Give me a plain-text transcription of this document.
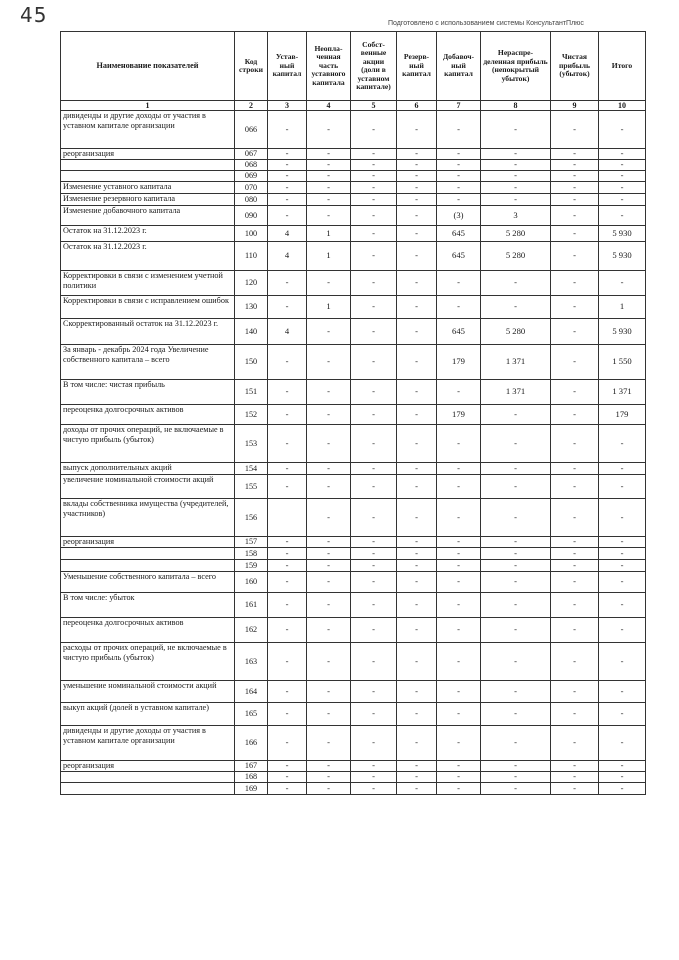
45	Подготовлено с использованием системы КонсультантПлюс
Наименование показателей	Код строки	Устав-ный капитал	Неопла-ченная часть уставного капитала	Собст-венные акции (доли в уставном капитале)	Резерв-ный капитал	Добавоч-ный капитал	Нераспре-деленная прибыль (непокрытый убыток)	Чистая прибыль (убыток)	Итого
1	2	3	4	5	6	7	8	9	10
дивиденды и другие доходы от участия в уставном капитале организации	066	-	-	-	-	-	-	-	-
реорганизация	067	-	-	-	-	-	-	-	-
	068	-	-	-	-	-	-	-	-
	069	-	-	-	-	-	-	-	-
Изменение уставного капитала	070	-	-	-	-	-	-	-	-
Изменение резервного капитала	080	-	-	-	-	-	-	-	-
Изменение добавочного капитала	090	-	-	-	-	(3)	3	-	-
Остаток на 31.12.2023 г.	100	4	1	-	-	645	5 280	-	5 930
Остаток на 31.12.2023 г.	110	4	1	-	-	645	5 280	-	5 930
Корректировки в связи с изменением учетной политики	120	-	-	-	-	-	-	-	-
Корректировки в связи с исправлением ошибок	130	-	1	-	-	-	-	-	1
Скорректированный остаток на 31.12.2023 г.	140	4	-	-	-	645	5 280	-	5 930
За январь - декабрь 2024 года Увеличение собственного капитала – всего	150	-	-	-	-	179	1 371	-	1 550
В том числе: чистая прибыль	151	-	-	-	-	-	1 371	-	1 371
переоценка долгосрочных активов	152	-	-	-	-	179	-	-	179
доходы от прочих операций, не включаемые в чистую прибыль (убыток)	153	-	-	-	-	-	-	-	-
выпуск дополнительных акций	154	-	-	-	-	-	-	-	-
увеличение номинальной стоимости акций	155	-	-	-	-	-	-	-	-
вклады собственника имущества (учредителей, участников)	156		-	-	-	-	-	-	-
реорганизация	157	-	-	-	-	-	-	-	-
	158	-	-	-	-	-	-	-	-
	159	-	-	-	-	-	-	-	-
Уменьшение собственного капитала – всего	160	-	-	-	-	-	-	-	-
В том числе: убыток	161	-	-	-	-	-	-	-	-
переоценка долгосрочных активов	162	-	-	-	-	-	-	-	-
расходы от прочих операций, не включаемые в чистую прибыль (убыток)	163	-	-	-	-	-	-	-	-
уменьшение номинальной стоимости акций	164	-	-	-	-	-	-	-	-
выкуп акций (долей в уставном капитале)	165	-	-	-	-	-	-	-	-
дивиденды и другие доходы от участия в уставном капитале организации	166	-	-	-	-	-	-	-	-
реорганизация	167	-	-	-	-	-	-	-	-
	168	-	-	-	-	-	-	-	-
	169	-	-	-	-	-	-	-	-
